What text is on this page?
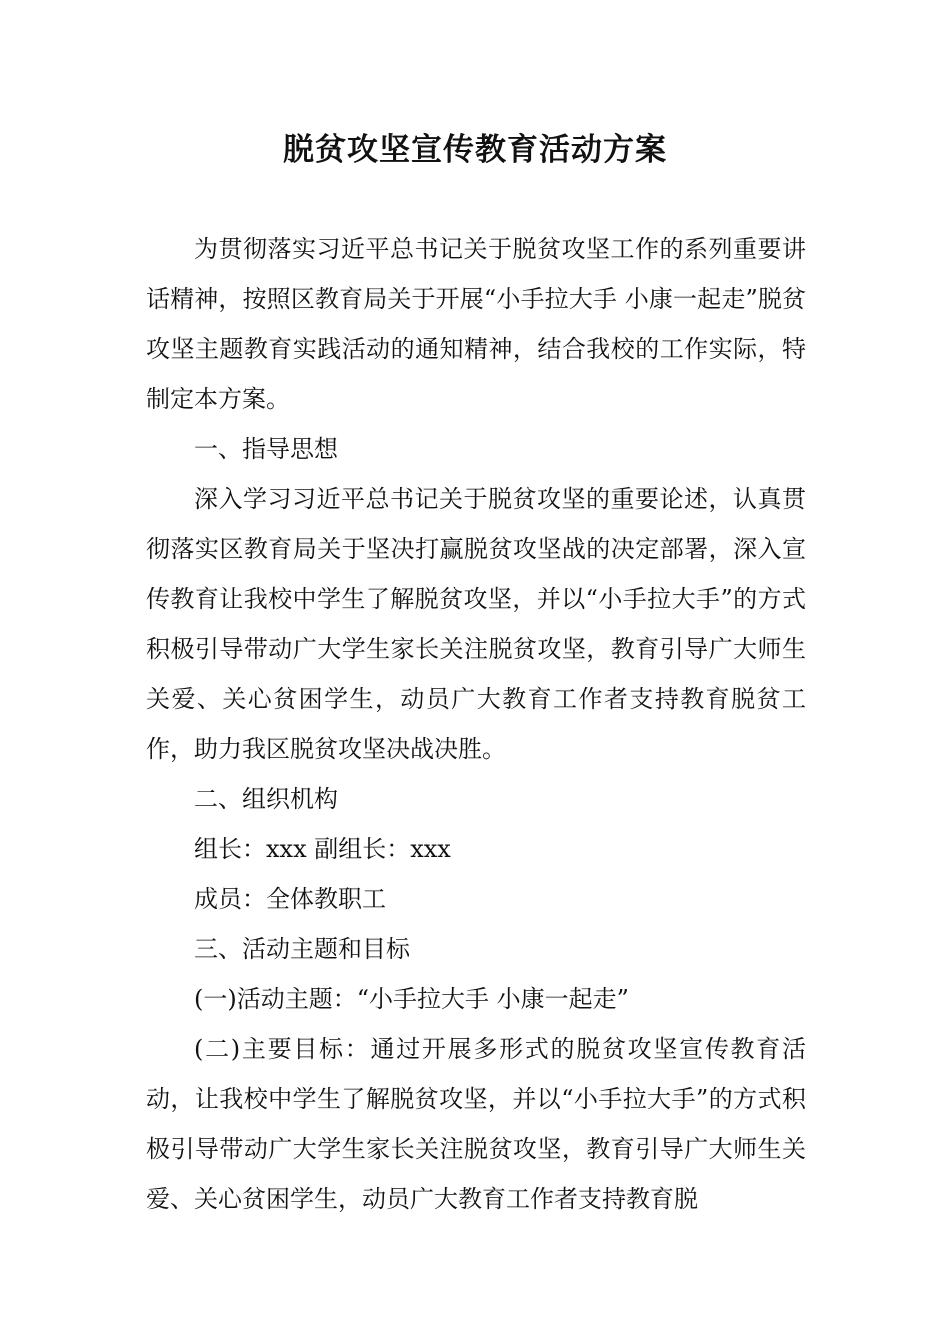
脱贫攻坚宣传教育活动方案

为贯彻落实习近平总书记关于脱贫攻坚工作的系列重要讲话精神，按照区教育局关于开展“小手拉大手 小康一起走”脱贫攻坚主题教育实践活动的通知精神，结合我校的工作实际，特制定本方案。

一、指导思想

深入学习习近平总书记关于脱贫攻坚的重要论述，认真贯彻落实区教育局关于坚决打赢脱贫攻坚战的决定部署，深入宣传教育让我校中学生了解脱贫攻坚，并以“小手拉大手”的方式积极引导带动广大学生家长关注脱贫攻坚，教育引导广大师生关爱、关心贫困学生，动员广大教育工作者支持教育脱贫工作，助力我区脱贫攻坚决战决胜。

二、组织机构

组长：xxx 副组长：xxx

成员：全体教职工

三、活动主题和目标

(一)活动主题：“小手拉大手 小康一起走”

(二)主要目标：通过开展多形式的脱贫攻坚宣传教育活动，让我校中学生了解脱贫攻坚，并以“小手拉大手”的方式积极引导带动广大学生家长关注脱贫攻坚，教育引导广大师生关爱、关心贫困学生，动员广大教育工作者支持教育脱
